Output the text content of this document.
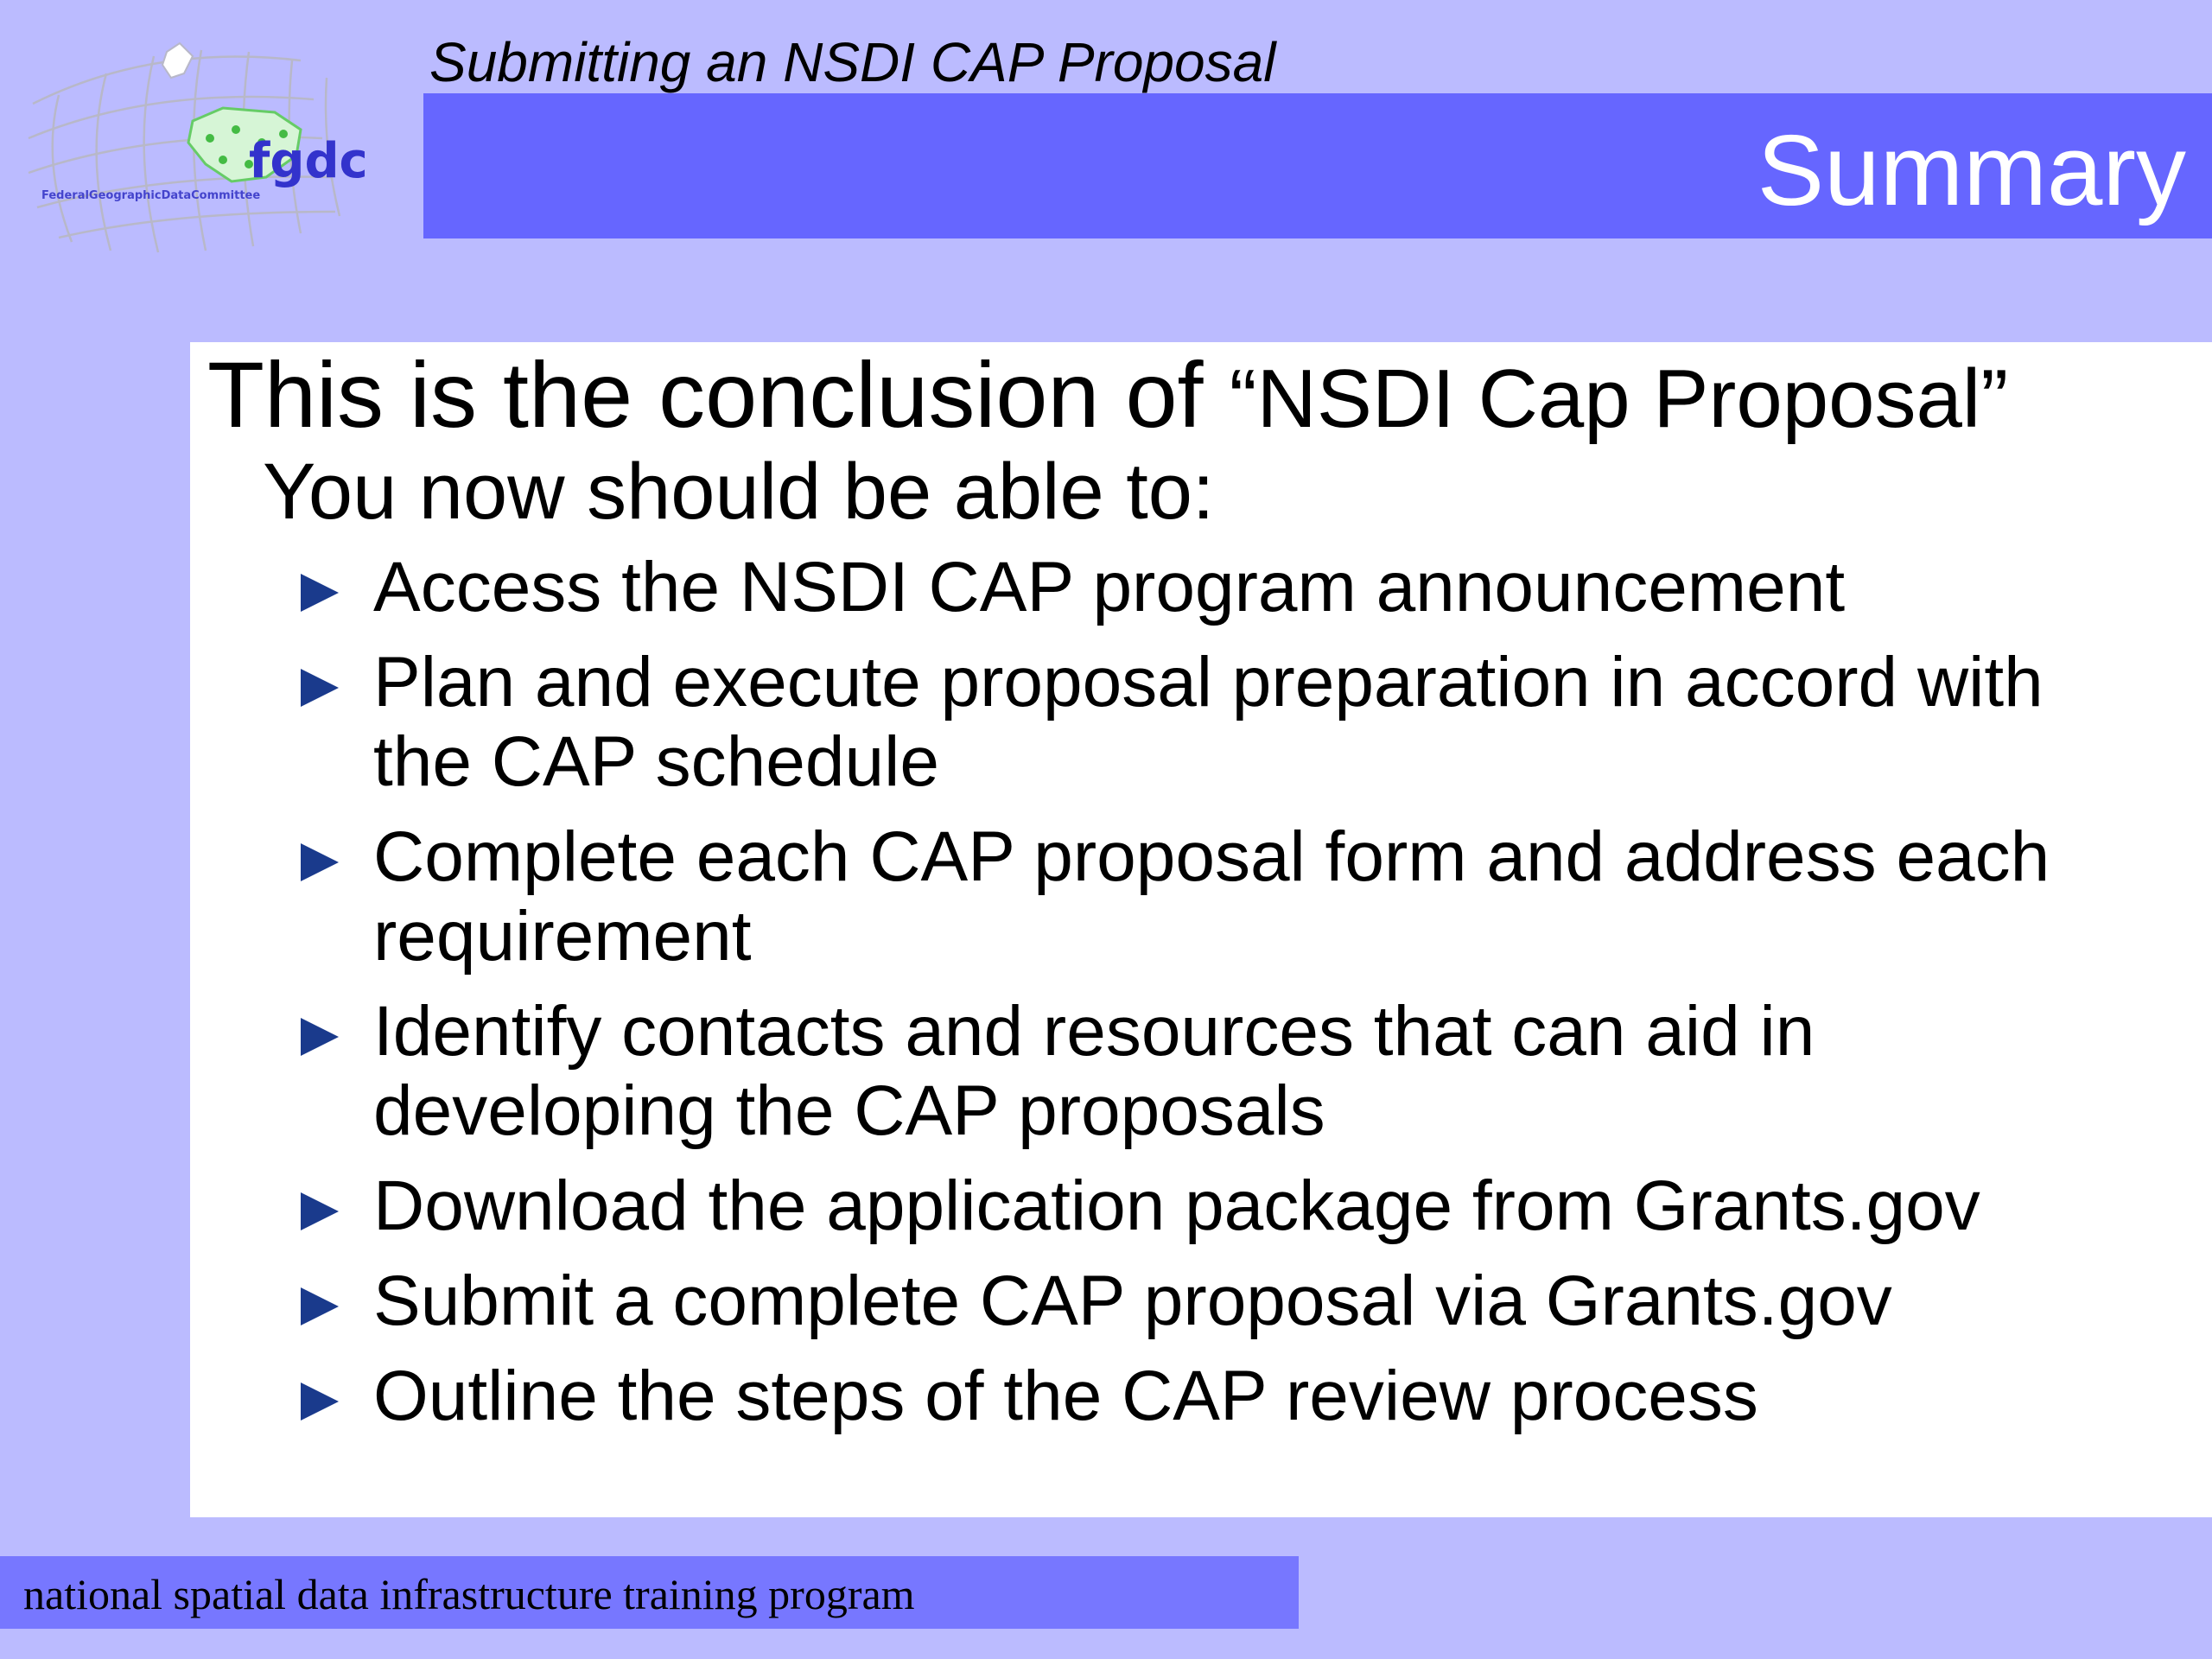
fgdc
FederalGeographicDataCommittee
Submitting an NSDI CAP Proposal
Summary
This is the conclusion of “NSDI Cap Proposal”
You now should be able to:
Access the NSDI CAP program announcement
Plan and execute proposal preparation in accord with the CAP schedule
Complete each CAP proposal form and address each requirement
Identify contacts and resources that can aid in developing the CAP proposals
Download the application package from Grants.gov
Submit a complete CAP proposal via Grants.gov
Outline the steps of the CAP review process
national spatial data infrastructure training program
